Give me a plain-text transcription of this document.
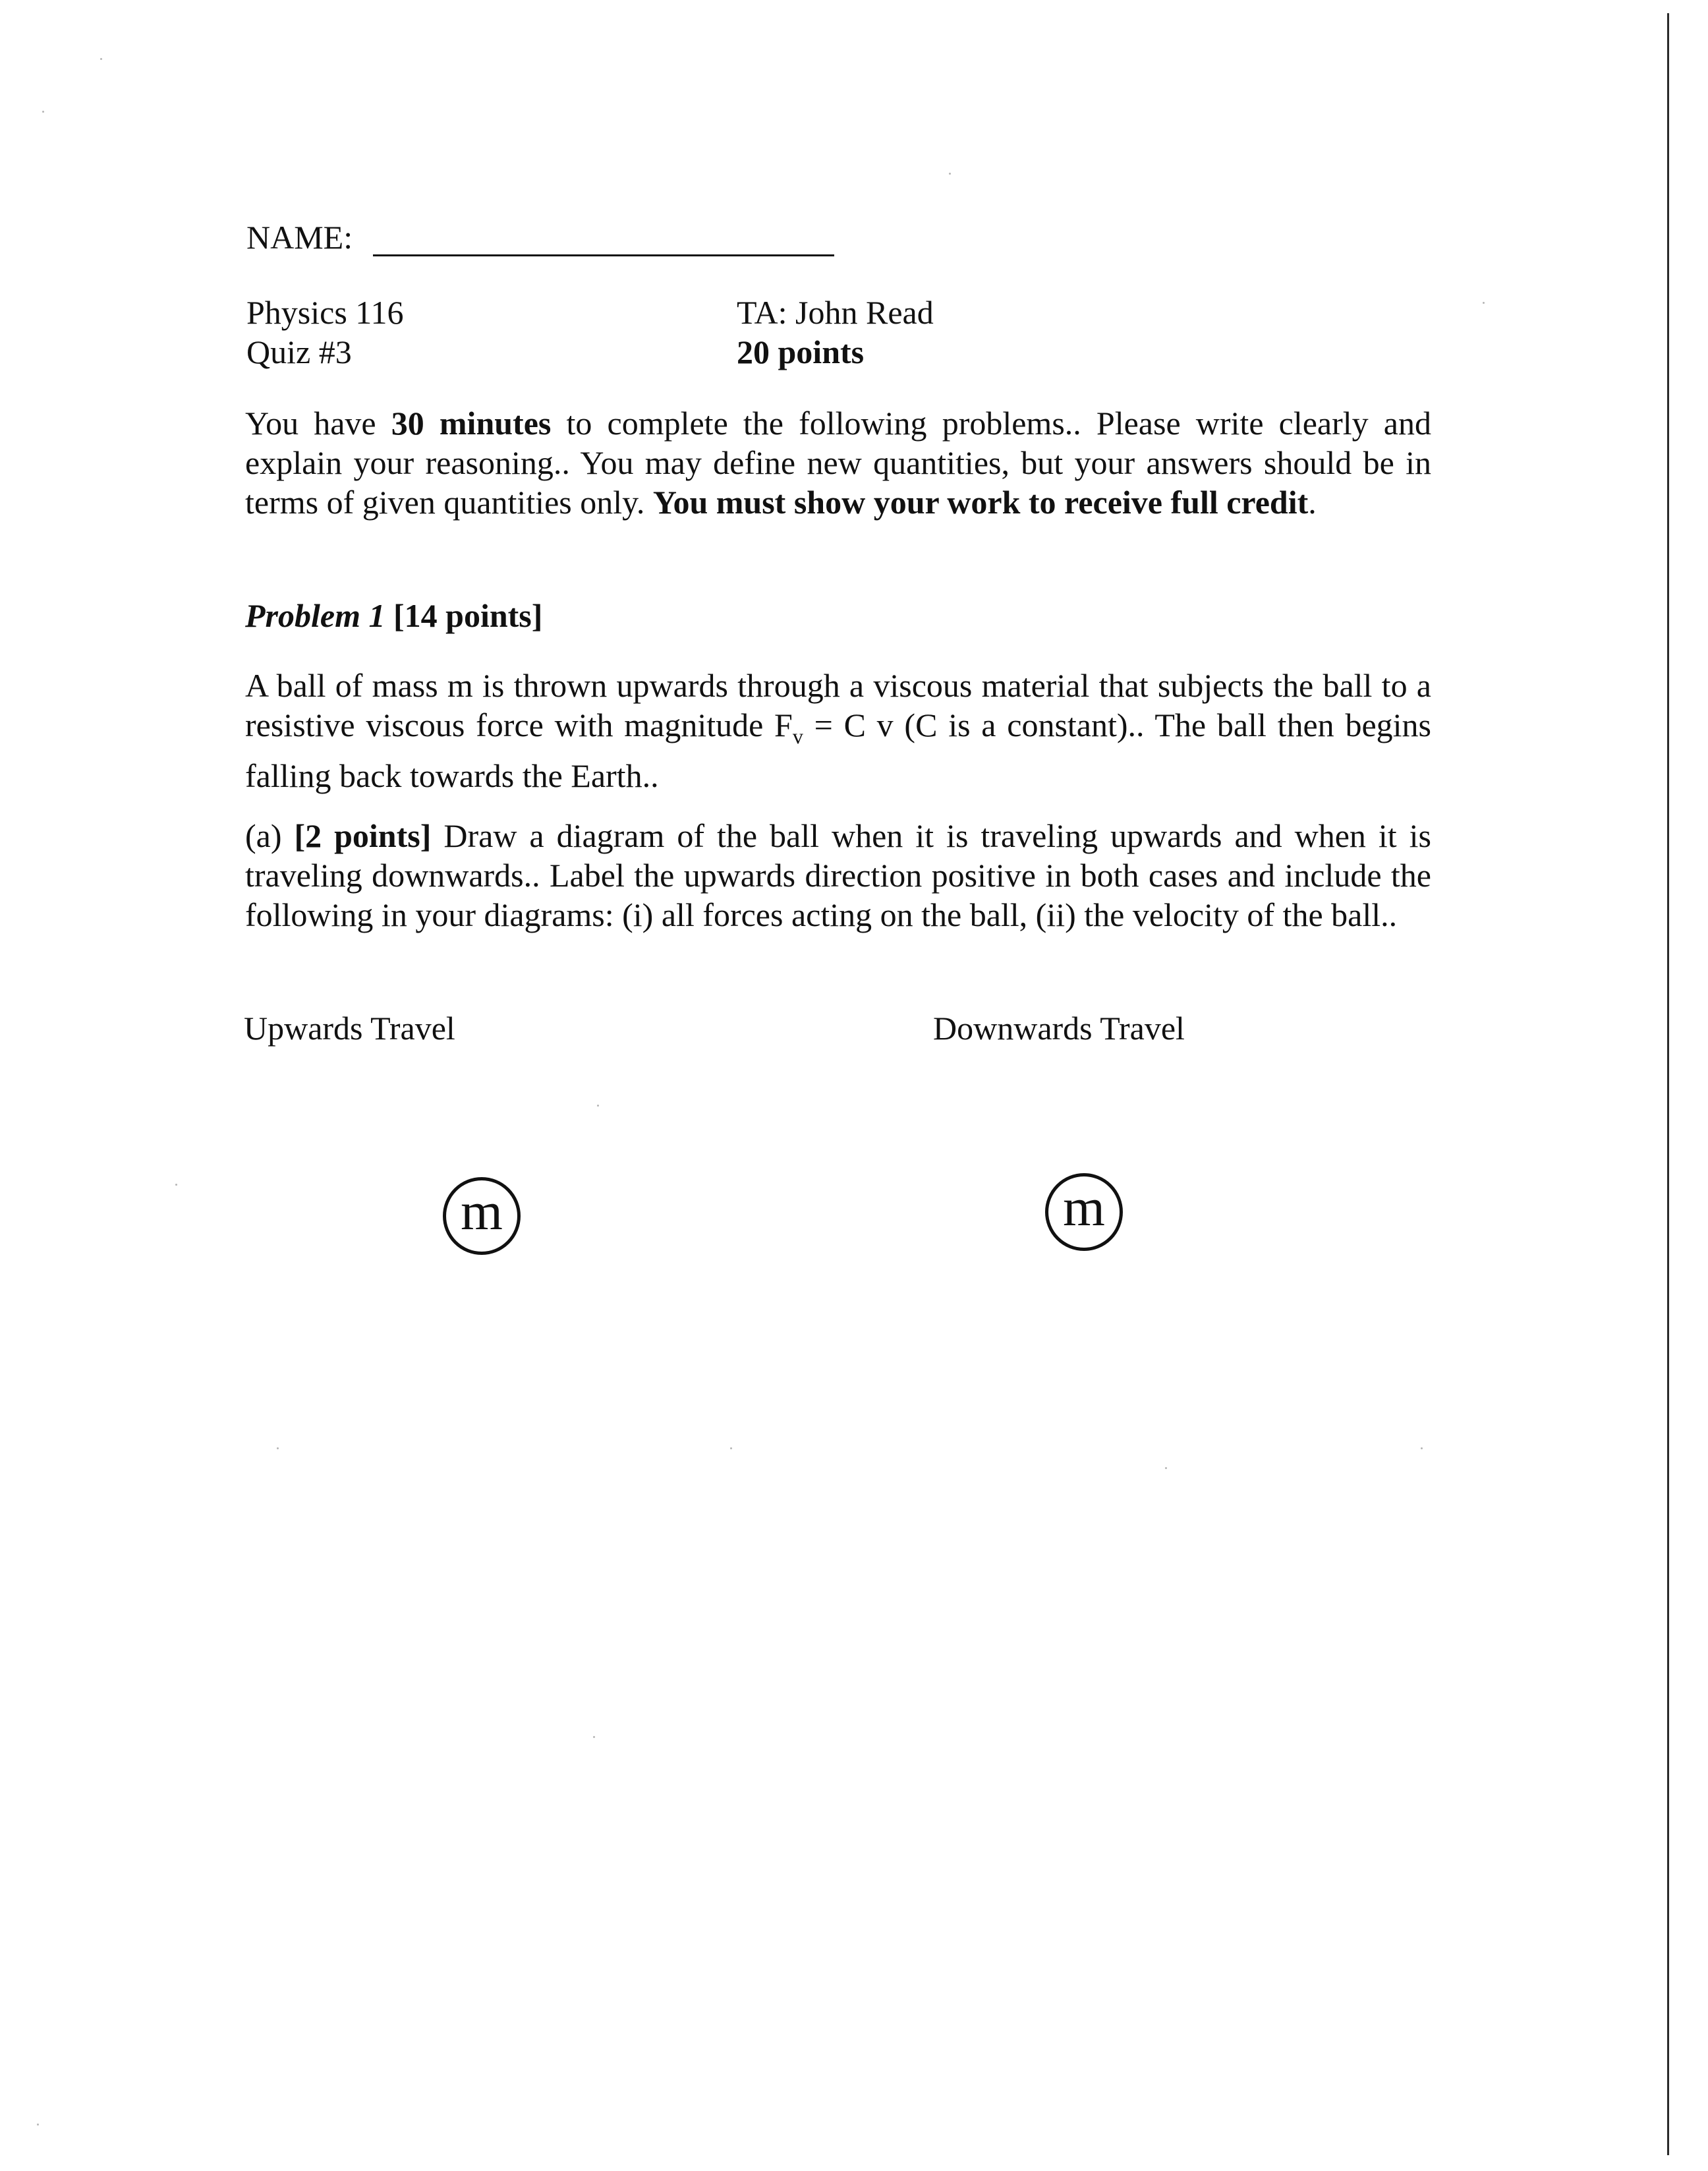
NAME:
Physics 116
Quiz #3
TA: John Read
20 points
You have 30 minutes to complete the following problems.. Please write clearly and explain your reasoning.. You may define new quantities, but your answers should be in terms of given quantities only. You must show your work to receive full credit.
Problem 1 [14 points]
A ball of mass m is thrown upwards through a viscous material that subjects the ball to a resistive viscous force with magnitude $F_v = C$ v (C is a constant).. The ball then begins falling back towards the Earth..
(a) [2 points] Draw a diagram of the ball when it is traveling upwards and when it is traveling downwards.. Label the upwards direction positive in both cases and include the following in your diagrams: (i) all forces acting on the ball, (ii) the velocity of the ball..
Upwards Travel	Downwards Travel
m	m
